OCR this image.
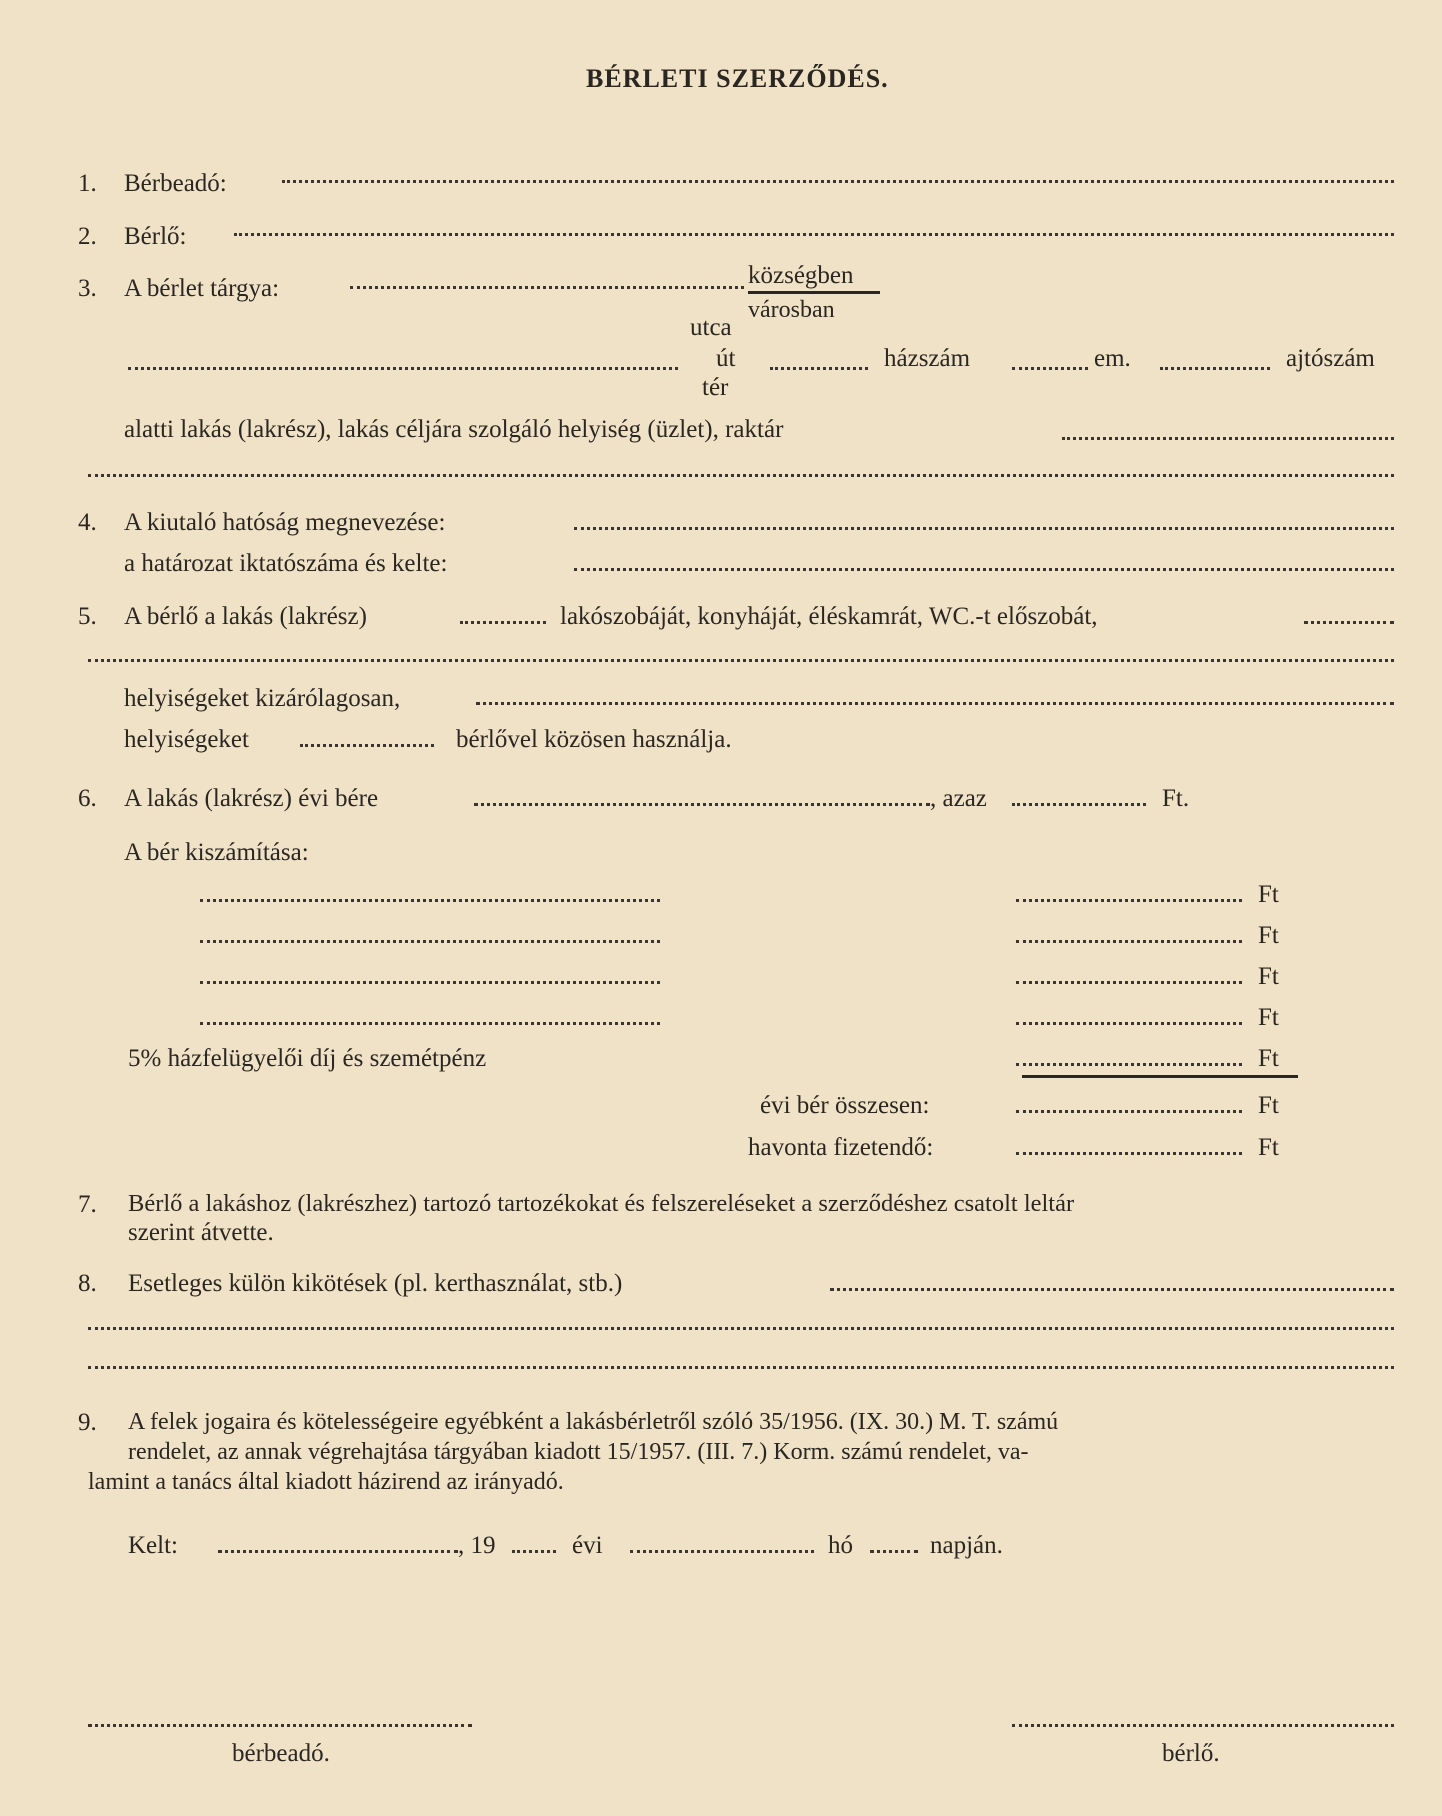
BÉRLETI SZERZŐDÉS.
1. Bérbeadó:
2. Bérlő:
3. A bérlet tárgya:	községben
városban
utca
út	házszám	em.	ajtószám
tér
alatti lakás (lakrész), lakás céljára szolgáló helyiség (üzlet), raktár
4. A kiutaló hatóság megnevezése:
a határozat iktatószáma és kelte:
5. A bérlő a lakás (lakrész)	lakószobáját, konyháját, éléskamrát, WC.-t előszobát,
helyiségeket kizárólagosan,
helyiségeket	bérlővel közösen használja.
6. A lakás (lakrész) évi bére	, azaz	Ft.
A bér kiszámítása:
Ft
Ft
Ft
Ft
5% házfelügyelői díj és szemétpénz	Ft
évi bér összesen:	Ft
havonta fizetendő:	Ft
7. Bérlő a lakáshoz (lakrészhez) tartozó tartozékokat és felszereléseket a szerződéshez csatolt leltár
szerint átvette.
8. Esetleges külön kikötések (pl. kerthasználat, stb.)
9. A felek jogaira és kötelességeire egyébként a lakásbérletről szóló 35/1956. (IX. 30.) M. T. számú
rendelet, az annak végrehajtása tárgyában kiadott 15/1957. (III. 7.) Korm. számú rendelet, va-
lamint a tanács által kiadott házirend az irányadó.
Kelt:	, 19	évi	hó	napján.
bérbeadó.	bérlő.
